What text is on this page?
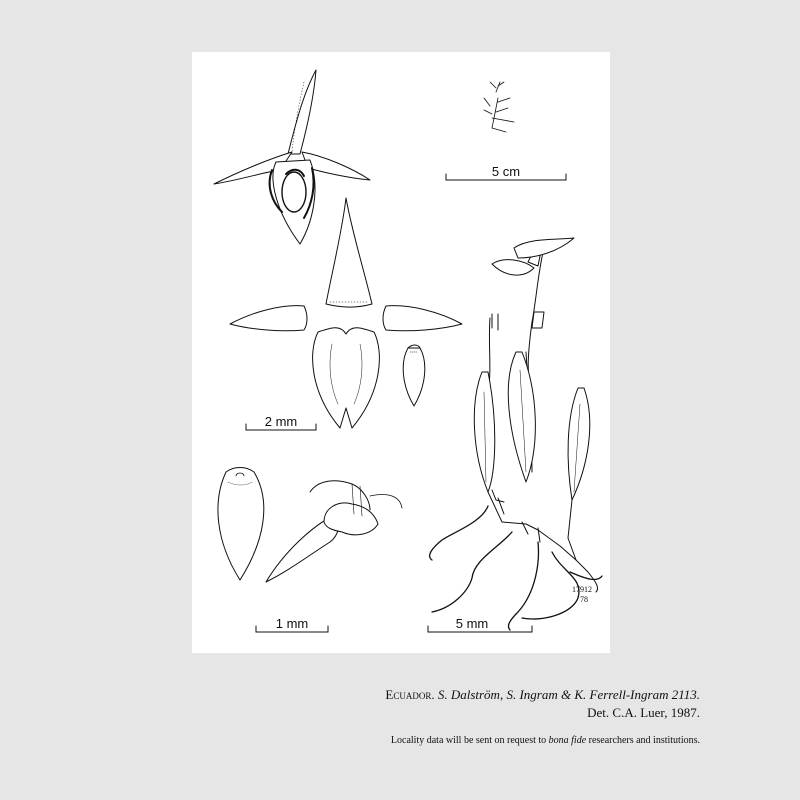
17912
78
5 cm
2 mm
1 mm	5 mm
Ecuador. S. Dalström, S. Ingram & K. Ferrell-Ingram 2113.
Det. C.A. Luer, 1987.
Locality data will be sent on request to bona fide researchers and institutions.
